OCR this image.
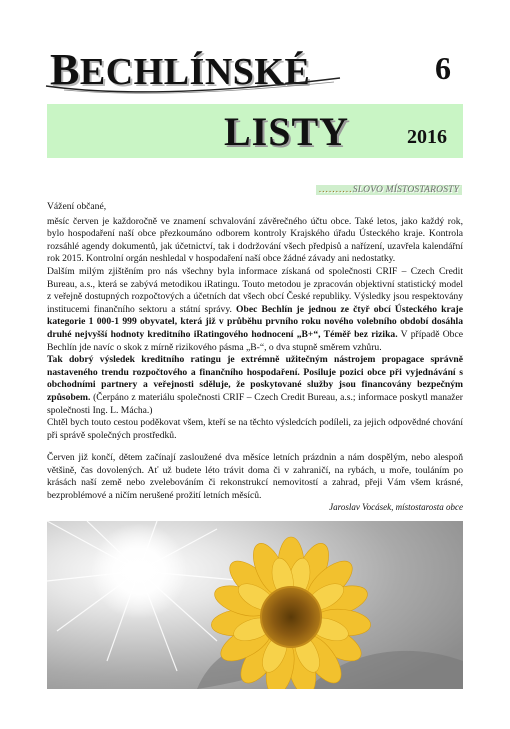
BECHLÍNSKÉ	6
LISTY	2016
..........SLOVO MÍSTOSTAROSTY

Vážení občané,

měsíc červen je každoročně ve znamení schvalování závěrečného účtu obce. Také letos, jako každý rok, bylo hospodaření naší obce přezkoumáno odborem kontroly Krajského úřadu Ústeckého kraje. Kontrola rozsáhlé agendy dokumentů, jak účetnictví, tak i dodržování všech předpisů a nařízení, uzavřela kalendářní rok 2015. Kontrolní orgán neshledal v hospodaření naší obce žádné závady ani nedostatky.

Dalším milým zjištěním pro nás všechny byla informace získaná od společnosti CRIF – Czech Credit Bureau, a.s., která se zabývá metodikou iRatingu. Touto metodou je zpracován objektivní statistický model z veřejně dostupných rozpočtových a účetních dat všech obcí České republiky. Výsledky jsou respektovány institucemi finančního sektoru a státní správy. Obec Bechlín je jednou ze čtyř obcí Ústeckého kraje kategorie 1 000-1 999 obyvatel, která již v průběhu prvního roku nového volebního období dosáhla druhé nejvyšší hodnoty kreditního iRatingového hodnocení „B+“, Téměř bez rizika. V případě Obce Bechlín jde navíc o skok z mírně rizikového pásma „B-“, o dva stupně směrem vzhůru.

Tak dobrý výsledek kreditního ratingu je extrémně užitečným nástrojem propagace správně nastaveného trendu rozpočtového a finančního hospodaření. Posiluje pozici obce při vyjednávání s obchodními partnery a veřejnosti sděluje, že poskytované služby jsou financovány bezpečným způsobem. (Čerpáno z materiálu společnosti CRIF – Czech Credit Bureau, a.s.; informace poskytl manažer společnosti Ing. L. Mácha.)

Chtěl bych touto cestou poděkovat všem, kteří se na těchto výsledcích podíleli, za jejich odpovědné chování při správě společných prostředků.

Červen již končí, dětem začínají zasloužené dva měsíce letních prázdnin a nám dospělým, nebo alespoň většině, čas dovolených. Ať už budete léto trávit doma či v zahraničí, na rybách, u moře, touláním po krásách naší země nebo zvelebováním či rekonstrukcí nemovitostí a zahrad, přeji Vám všem krásné, bezproblémové a ničím nerušené prožití letních měsíců.

Jaroslav Vocásek, místostarosta obce
